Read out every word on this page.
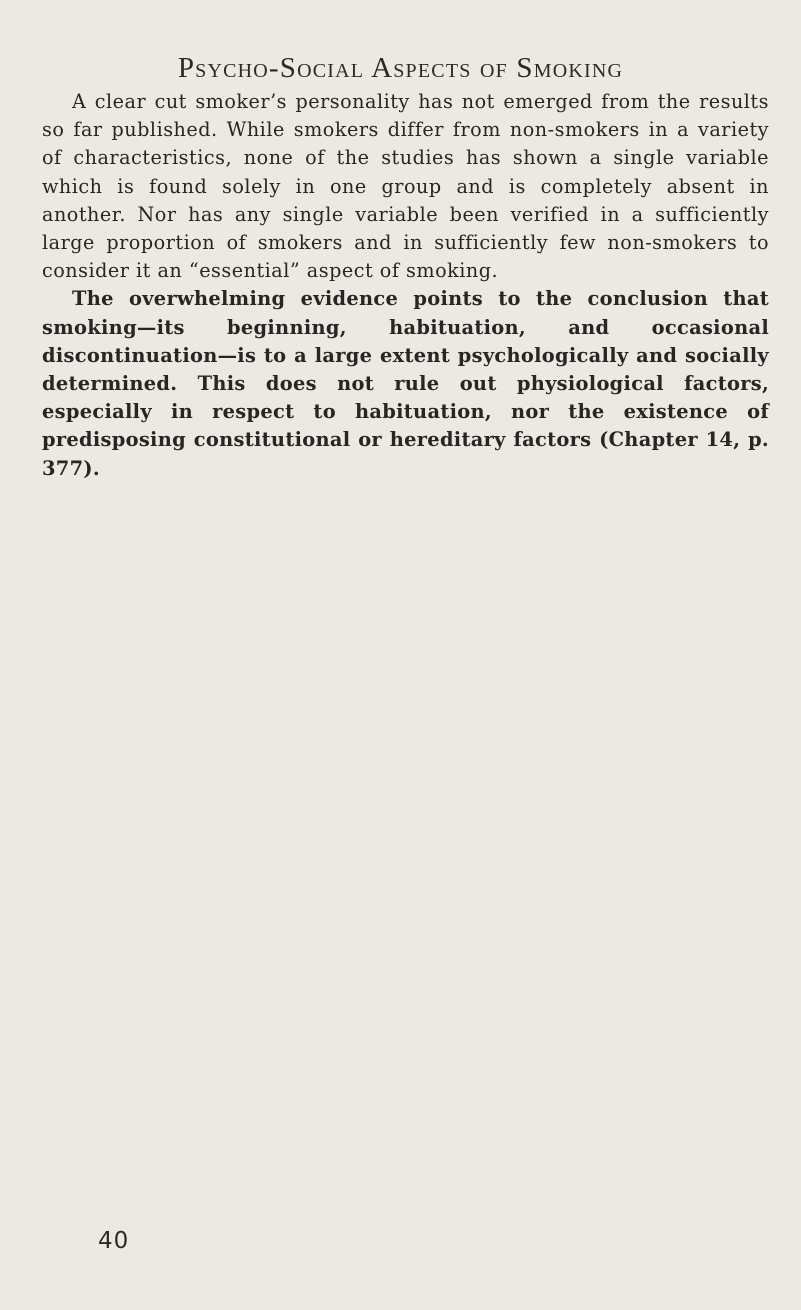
Psycho-Social Aspects of Smoking

A clear cut smoker’s personality has not emerged from the results so far published. While smokers differ from non-smokers in a variety of characteristics, none of the studies has shown a single variable which is found solely in one group and is completely absent in another. Nor has any single variable been verified in a sufficiently large proportion of smokers and in sufficiently few non-smokers to consider it an “essential” aspect of smoking.

The overwhelming evidence points to the conclusion that smoking—its beginning, habituation, and occasional discontinuation—is to a large extent psychologically and socially determined. This does not rule out physiological factors, especially in respect to habituation, nor the existence of predisposing constitutional or hereditary factors (Chapter 14, p. 377).

40
